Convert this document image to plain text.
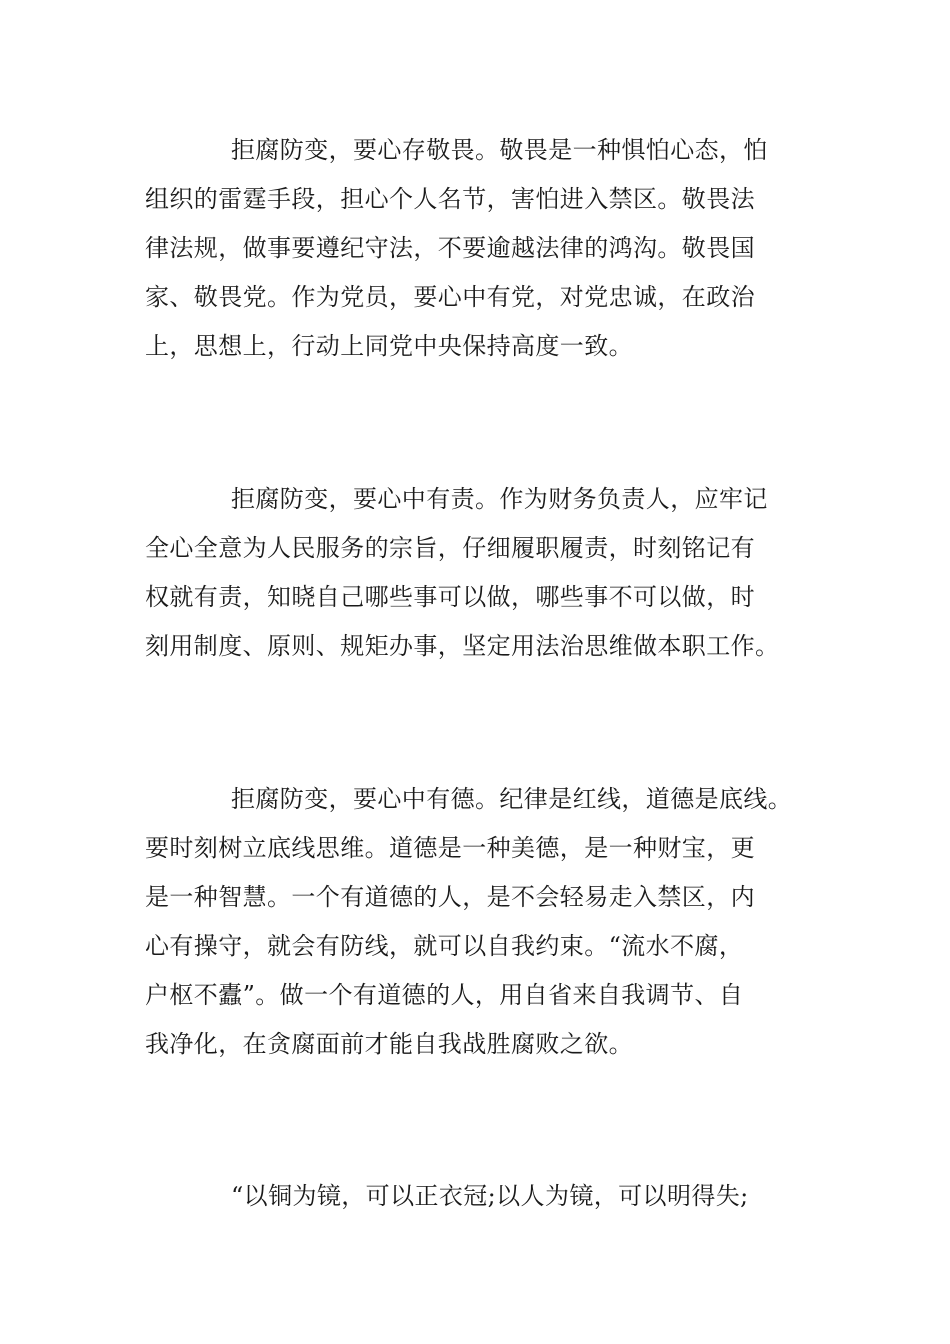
拒腐防变，要心存敬畏。敬畏是一种惧怕心态，怕
组织的雷霆手段，担心个人名节，害怕进入禁区。敬畏法
律法规，做事要遵纪守法，不要逾越法律的鸿沟。敬畏国
家、敬畏党。作为党员，要心中有党，对党忠诚，在政治
上，思想上，行动上同党中央保持高度一致。
拒腐防变，要心中有责。作为财务负责人，应牢记
全心全意为人民服务的宗旨，仔细履职履责，时刻铭记有
权就有责，知晓自己哪些事可以做，哪些事不可以做，时
刻用制度、原则、规矩办事，坚定用法治思维做本职工作。
拒腐防变，要心中有德。纪律是红线，道德是底线。
要时刻树立底线思维。道德是一种美德，是一种财宝，更
是一种智慧。一个有道德的人，是不会轻易走入禁区，内
心有操守，就会有防线，就可以自我约束。“流水不腐，
户枢不蠹”。做一个有道德的人，用自省来自我调节、自
我净化，在贪腐面前才能自我战胜腐败之欲。
“以铜为镜，可以正衣冠;以人为镜，可以明得失;
